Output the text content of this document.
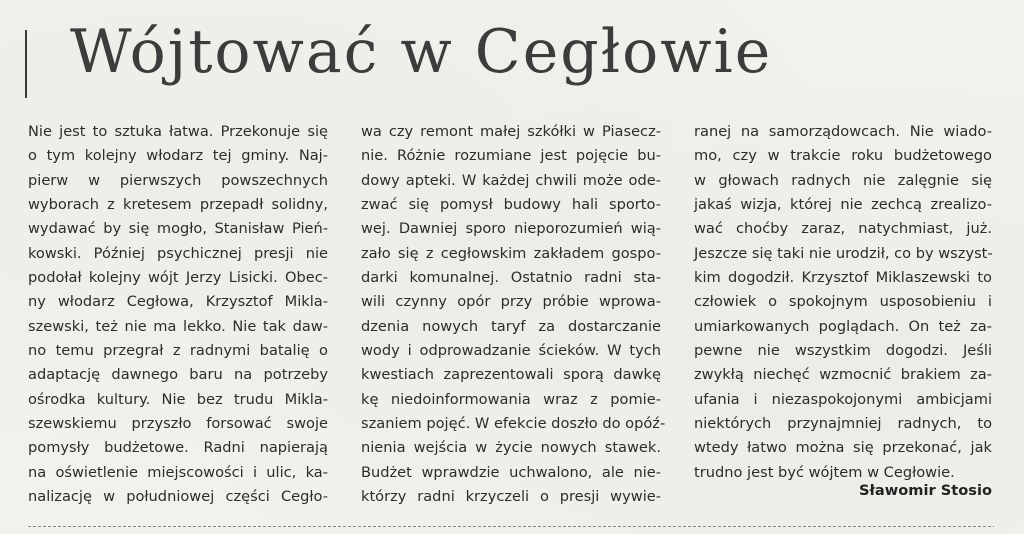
Wójtować w Cegłowie
Nie jest to sztuka łatwa. Przekonuje się
o tym kolejny włodarz tej gminy. Naj-
pierw w pierwszych powszechnych
wyborach z kretesem przepadł solidny,
wydawać by się mogło, Stanisław Pień-
kowski. Później psychicznej presji nie
podołał kolejny wójt Jerzy Lisicki. Obec-
ny włodarz Cegłowa, Krzysztof Mikla-
szewski, też nie ma lekko. Nie tak daw-
no temu przegrał z radnymi batalię o
adaptację dawnego baru na potrzeby
ośrodka kultury. Nie bez trudu Mikla-
szewskiemu przyszło forsować swoje
pomysły budżetowe. Radni napierają
na oświetlenie miejscowości i ulic, ka-
nalizację w południowej części Cegło-
wa czy remont małej szkółki w Piasecz-
nie. Różnie rozumiane jest pojęcie bu-
dowy apteki. W każdej chwili może ode-
zwać się pomysł budowy hali sporto-
wej. Dawniej sporo nieporozumień wią-
zało się z cegłowskim zakładem gospo-
darki komunalnej. Ostatnio radni sta-
wili czynny opór przy próbie wprowa-
dzenia nowych taryf za dostarczanie
wody i odprowadzanie ścieków. W tych
kwestiach zaprezentowali sporą dawkę
kę niedoinformowania wraz z pomie-
szaniem pojęć. W efekcie doszło do opóź-
nienia wejścia w życie nowych stawek.
Budżet wprawdzie uchwalono, ale nie-
którzy radni krzyczeli o presji wywie-
ranej na samorządowcach. Nie wiado-
mo, czy w trakcie roku budżetowego
w głowach radnych nie zalęgnie się
jakaś wizja, której nie zechcą zrealizo-
wać choćby zaraz, natychmiast, już.
Jeszcze się taki nie urodził, co by wszyst-
kim dogodził. Krzysztof Miklaszewski to
człowiek o spokojnym usposobieniu i
umiarkowanych poglądach. On też za-
pewne nie wszystkim dogodzi. Jeśli
zwykłą niechęć wzmocnić brakiem za-
ufania i niezaspokojonymi ambicjami
niektórych przynajmniej radnych, to
wtedy łatwo można się przekonać, jak
trudno jest być wójtem w Cegłowie.
Sławomir Stosio
